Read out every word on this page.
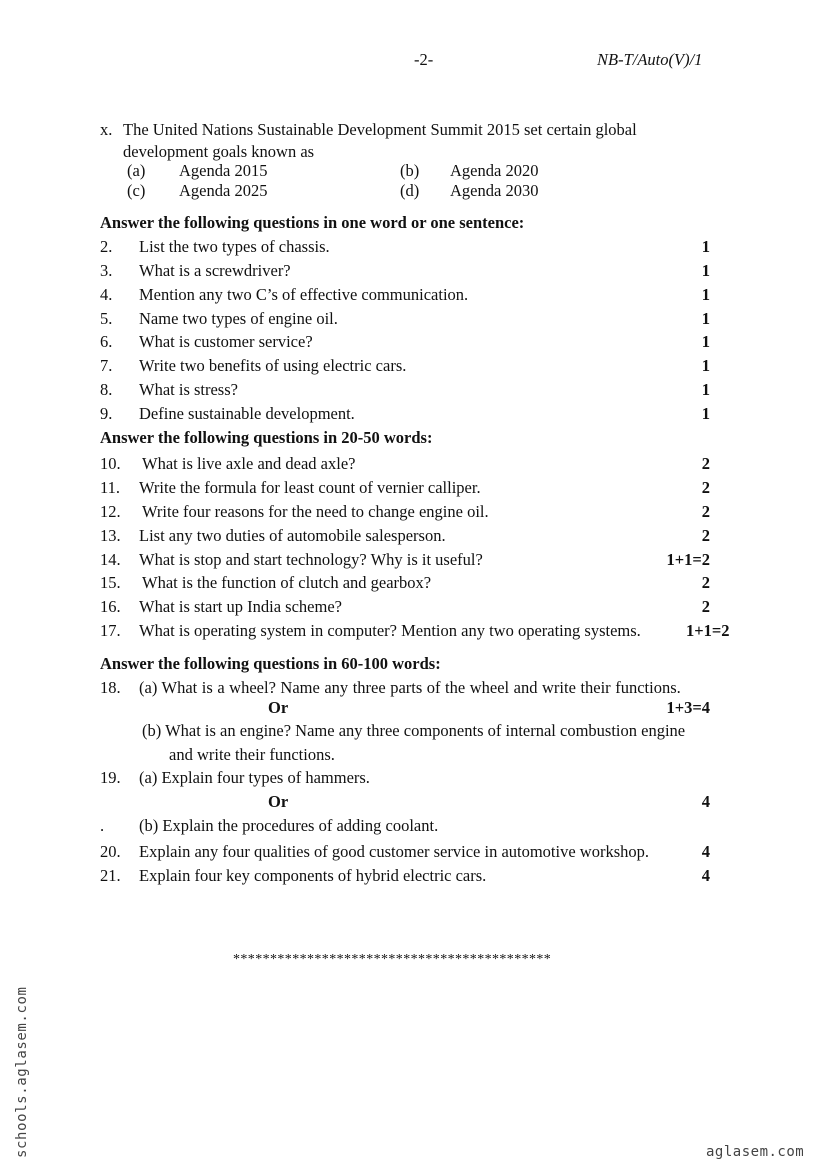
-2-	NB-T/Auto(V)/1
x. The United Nations Sustainable Development Summit 2015 set certain global
development goals known as
(a) Agenda 2015	(b) Agenda 2020
(c) Agenda 2025	(d) Agenda 2030
Answer the following questions in one word or one sentence:
2. List the two types of chassis.	1
3. What is a screwdriver?	1
4. Mention any two C’s of effective communication.	1
5. Name two types of engine oil.	1
6. What is customer service?	1
7. Write two benefits of using electric cars.	1
8. What is stress?	1
9. Define sustainable development.	1
Answer the following questions in 20-50 words:
10. What is live axle and dead axle?	2
11. Write the formula for least count of vernier calliper.	2
12. Write four reasons for the need to change engine oil.	2
13. List any two duties of automobile salesperson.	2
14. What is stop and start technology? Why is it useful?	1+1=2
15. What is the function of clutch and gearbox?	2
16. What is start up India scheme?	2
17. What is operating system in computer? Mention any two operating systems.	1+1=2
Answer the following questions in 60-100 words:
18. (a) What is a wheel? Name any three parts of the wheel and write their functions.
Or	1+3=4
(b) What is an engine? Name any three components of internal combustion engine
and write their functions.
19. (a) Explain four types of hammers.
Or	4
. (b) Explain the procedures of adding coolant.
20. Explain any four qualities of good customer service in automotive workshop.	4
21. Explain four key components of hybrid electric cars.	4
*******************************************
schools.aglasem.com	aglasem.com
